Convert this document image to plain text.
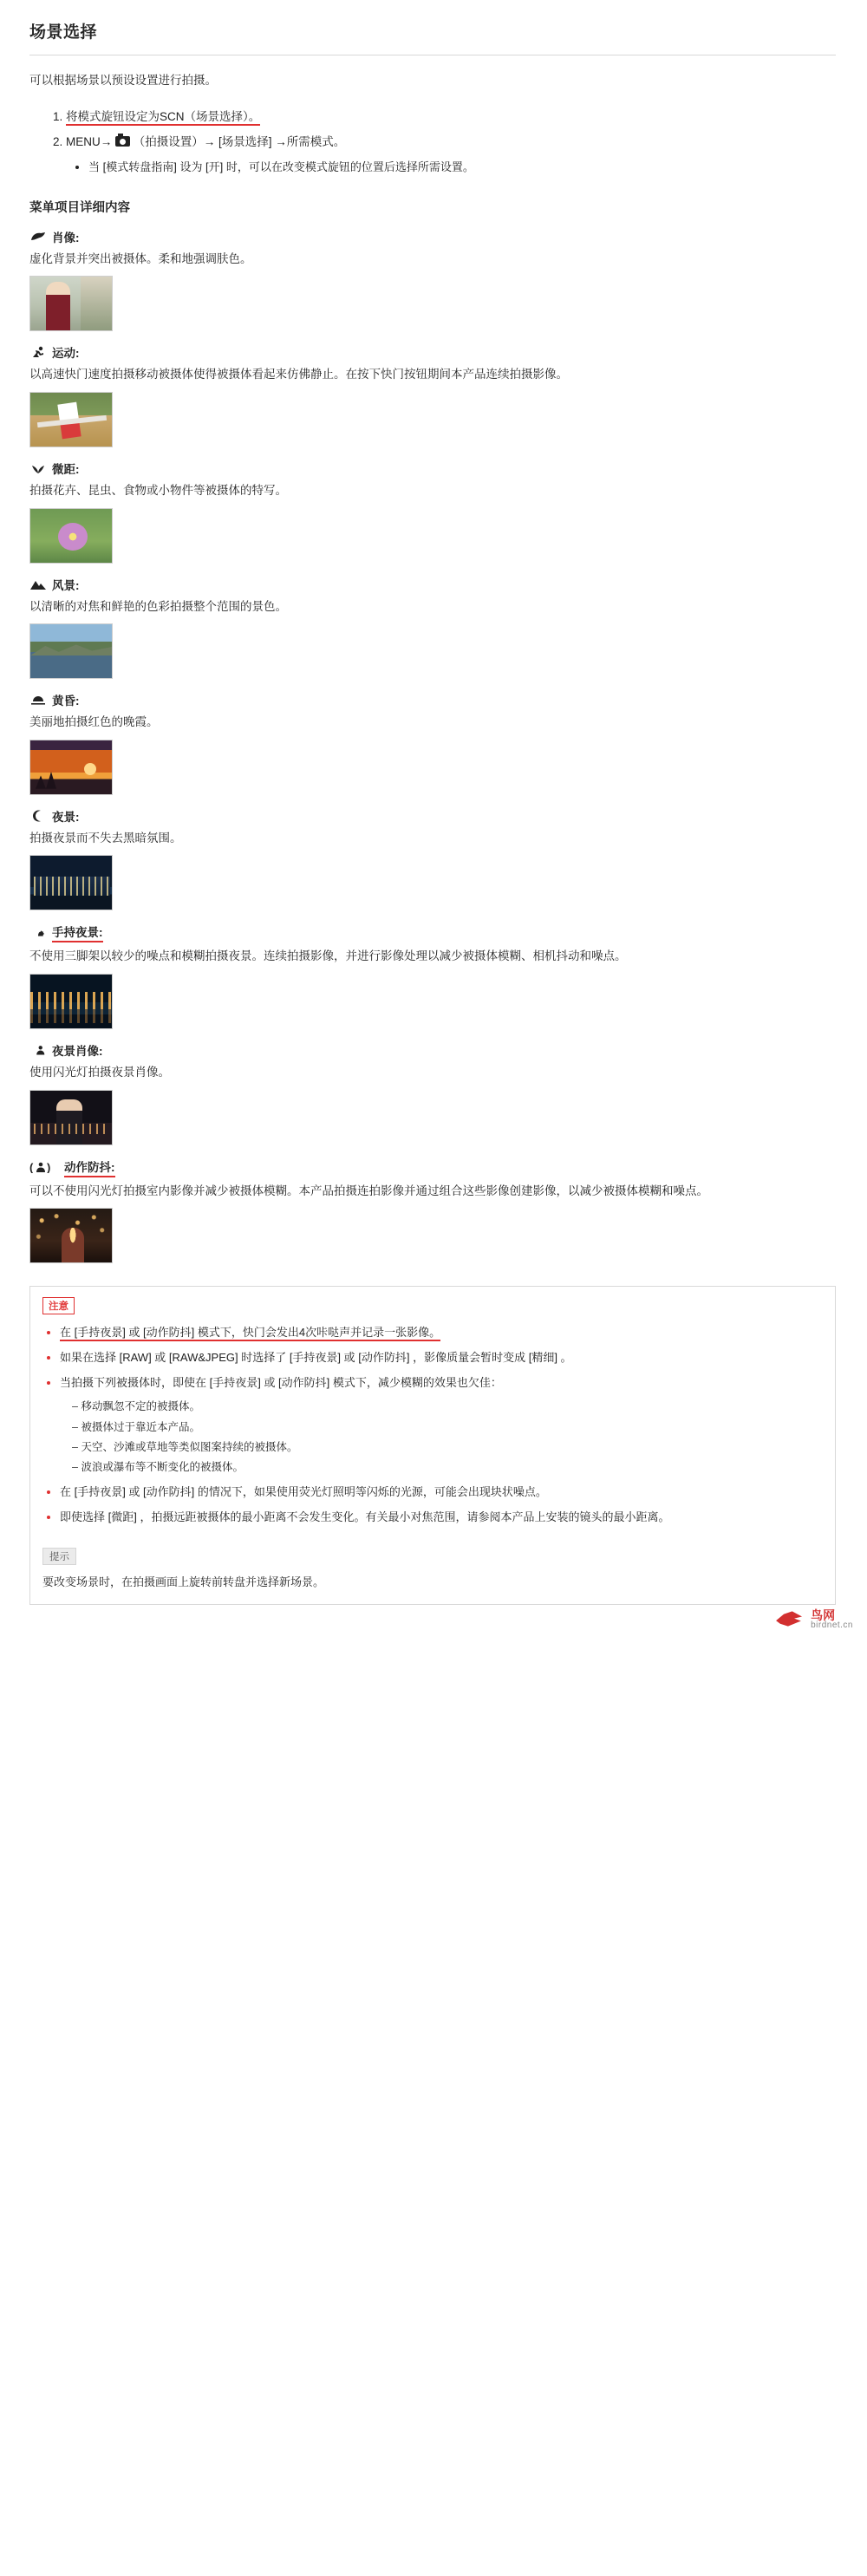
场景选择

可以根据场景以预设设置进行拍摄。

1. 将模式旋钮设定为SCN（场景选择）。
2. MENU→ （拍摄设置）→ [场景选择] →所需模式。
• 当 [模式转盘指南] 设为 [开] 时，可以在改变模式旋钮的位置后选择所需设置。
菜单项目详细内容
肖像:
虚化背景并突出被摄体。柔和地强调肤色。
运动:
以高速快门速度拍摄移动被摄体使得被摄体看起来仿佛静止。在按下快门按钮期间本产品连续拍摄影像。
微距:
拍摄花卉、昆虫、食物或小物件等被摄体的特写。
风景:
以清晰的对焦和鲜艳的色彩拍摄整个范围的景色。
黄昏:
美丽地拍摄红色的晚霞。
夜景:
拍摄夜景而不失去黑暗氛围。
手持夜景:
不使用三脚架以较少的噪点和模糊拍摄夜景。连续拍摄影像，并进行影像处理以减少被摄体模糊、相机抖动和噪点。
夜景肖像:
使用闪光灯拍摄夜景肖像。
( ) 动作防抖:
可以不使用闪光灯拍摄室内影像并减少被摄体模糊。本产品拍摄连拍影像并通过组合这些影像创建影像，以减少被摄体模糊和噪点。
注意
• 在 [手持夜景] 或 [动作防抖] 模式下，快门会发出4次咔哒声并记录一张影像。
• 如果在选择 [RAW] 或 [RAW&JPEG] 时选择了 [手持夜景] 或 [动作防抖] ，影像质量会暂时变成 [精细] 。
• 当拍摄下列被摄体时，即使在 [手持夜景] 或 [动作防抖] 模式下，减少模糊的效果也欠佳：
– 移动飘忽不定的被摄体。
– 被摄体过于靠近本产品。
– 天空、沙滩或草地等类似图案持续的被摄体。
– 波浪或瀑布等不断变化的被摄体。
• 在 [手持夜景] 或 [动作防抖] 的情况下，如果使用荧光灯照明等闪烁的光源，可能会出现块状噪点。
• 即使选择 [微距] ，拍摄远距被摄体的最小距离不会发生变化。有关最小对焦范围，请参阅本产品上安装的镜头的最小距离。
提示

要改变场景时，在拍摄画面上旋转前转盘并选择新场景。

鸟网
birdnet.cn
